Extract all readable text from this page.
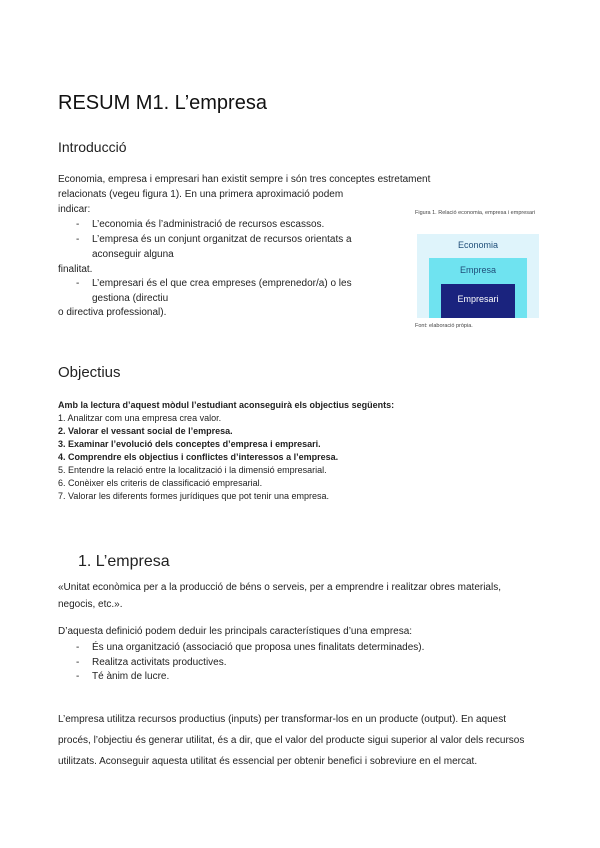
RESUM M1. L’empresa
Introducció
Economia, empresa i empresari han existit sempre i són tres conceptes estretament
relacionats (vegeu figura 1). En una primera aproximació podem
indicar:
- L’economia és l’administració de recursos escassos.
- L’empresa és un conjunt organitzat de recursos orientats a
aconseguir alguna
finalitat.
- L’empresari és el que crea empreses (emprenedor/a) o les
gestiona (directiu
o directiva professional).
Figura 1. Relació economia, empresa i empresari
Economia
Empresa
Empresari
Font: elaboració pròpia.
Objectius
Amb la lectura d’aquest mòdul l’estudiant aconseguirà els objectius següents:
1. Analitzar com una empresa crea valor.
2. Valorar el vessant social de l’empresa.
3. Examinar l’evolució dels conceptes d’empresa i empresari.
4. Comprendre els objectius i conflictes d’interessos a l’empresa.
5. Entendre la relació entre la localització i la dimensió empresarial.
6. Conèixer els criteris de classificació empresarial.
7. Valorar les diferents formes jurídiques que pot tenir una empresa.
1. L’empresa
«Unitat econòmica per a la producció de béns o serveis, per a emprendre i realitzar obres materials,
negocis, etc.».
D’aquesta definició podem deduir les principals característiques d’una empresa:
- És una organització (associació que proposa unes finalitats determinades).
- Realitza activitats productives.
- Té ànim de lucre.
L’empresa utilitza recursos productius (inputs) per transformar-los en un producte (output). En aquest
procés, l’objectiu és generar utilitat, és a dir, que el valor del producte sigui superior al valor dels recursos
utilitzats. Aconseguir aquesta utilitat és essencial per obtenir benefici i sobreviure en el mercat.
